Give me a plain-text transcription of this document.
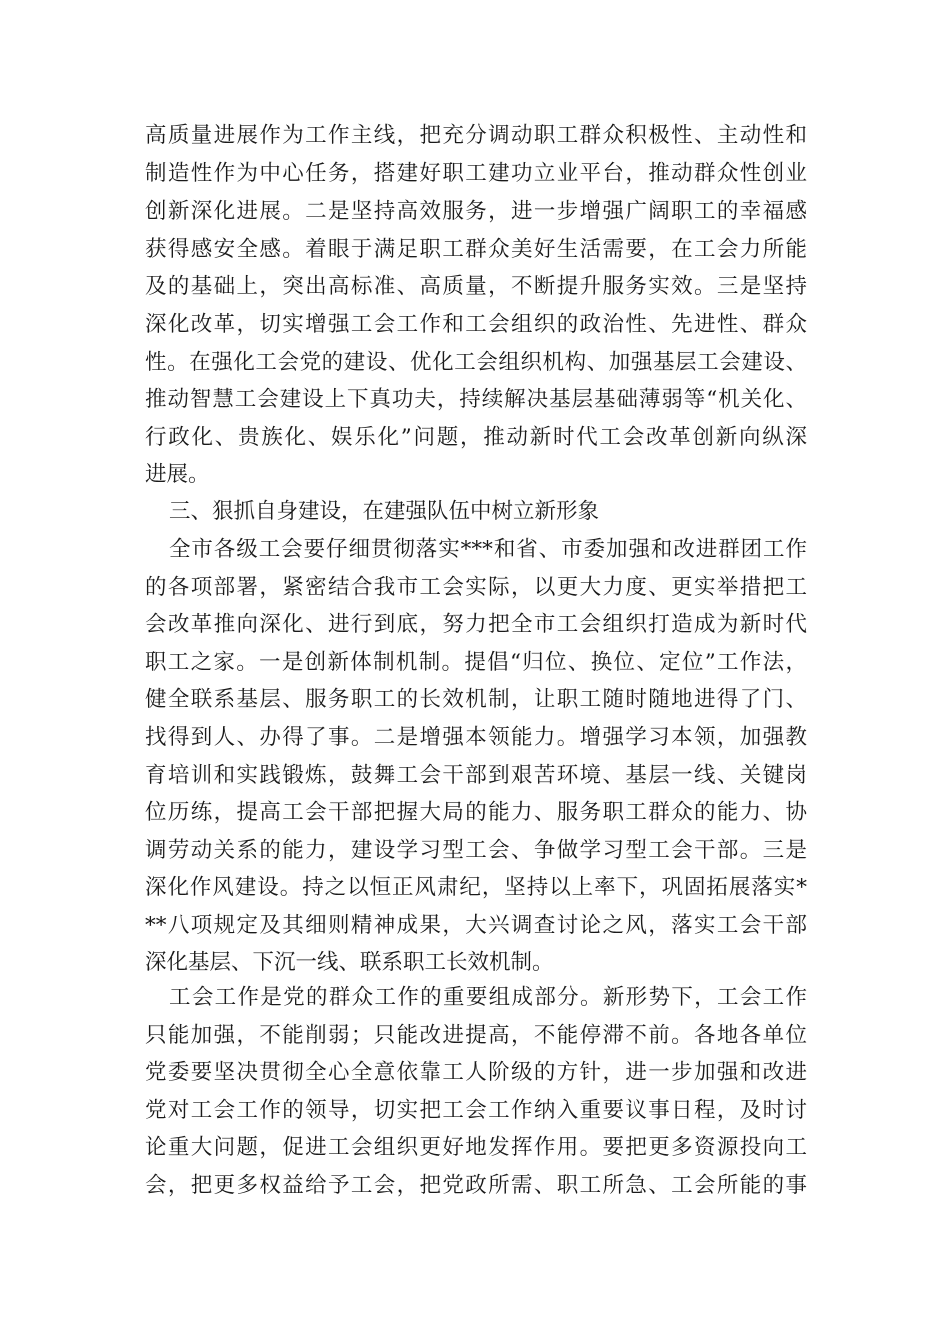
高质量进展作为工作主线，把充分调动职工群众积极性、主动性和
制造性作为中心任务，搭建好职工建功立业平台，推动群众性创业
创新深化进展。二是坚持高效服务，进一步增强广阔职工的幸福感
获得感安全感。着眼于满足职工群众美好生活需要，在工会力所能
及的基础上，突出高标准、高质量，不断提升服务实效。三是坚持
深化改革，切实增强工会工作和工会组织的政治性、先进性、群众
性。在强化工会党的建设、优化工会组织机构、加强基层工会建设、
推动智慧工会建设上下真功夫，持续解决基层基础薄弱等“机关化、
行政化、贵族化、娱乐化”问题，推动新时代工会改革创新向纵深
进展。
三、狠抓自身建设，在建强队伍中树立新形象
全市各级工会要仔细贯彻落实***和省、市委加强和改进群团工作
的各项部署，紧密结合我市工会实际，以更大力度、更实举措把工
会改革推向深化、进行到底，努力把全市工会组织打造成为新时代
职工之家。一是创新体制机制。提倡“归位、换位、定位”工作法，
健全联系基层、服务职工的长效机制，让职工随时随地进得了门、
找得到人、办得了事。二是增强本领能力。增强学习本领，加强教
育培训和实践锻炼，鼓舞工会干部到艰苦环境、基层一线、关键岗
位历练，提高工会干部把握大局的能力、服务职工群众的能力、协
调劳动关系的能力，建设学习型工会、争做学习型工会干部。三是
深化作风建设。持之以恒正风肃纪，坚持以上率下，巩固拓展落实*
**八项规定及其细则精神成果，大兴调查讨论之风，落实工会干部
深化基层、下沉一线、联系职工长效机制。
工会工作是党的群众工作的重要组成部分。新形势下，工会工作
只能加强，不能削弱；只能改进提高，不能停滞不前。各地各单位
党委要坚决贯彻全心全意依靠工人阶级的方针，进一步加强和改进
党对工会工作的领导，切实把工会工作纳入重要议事日程，及时讨
论重大问题，促进工会组织更好地发挥作用。要把更多资源投向工
会，把更多权益给予工会，把党政所需、职工所急、工会所能的事
